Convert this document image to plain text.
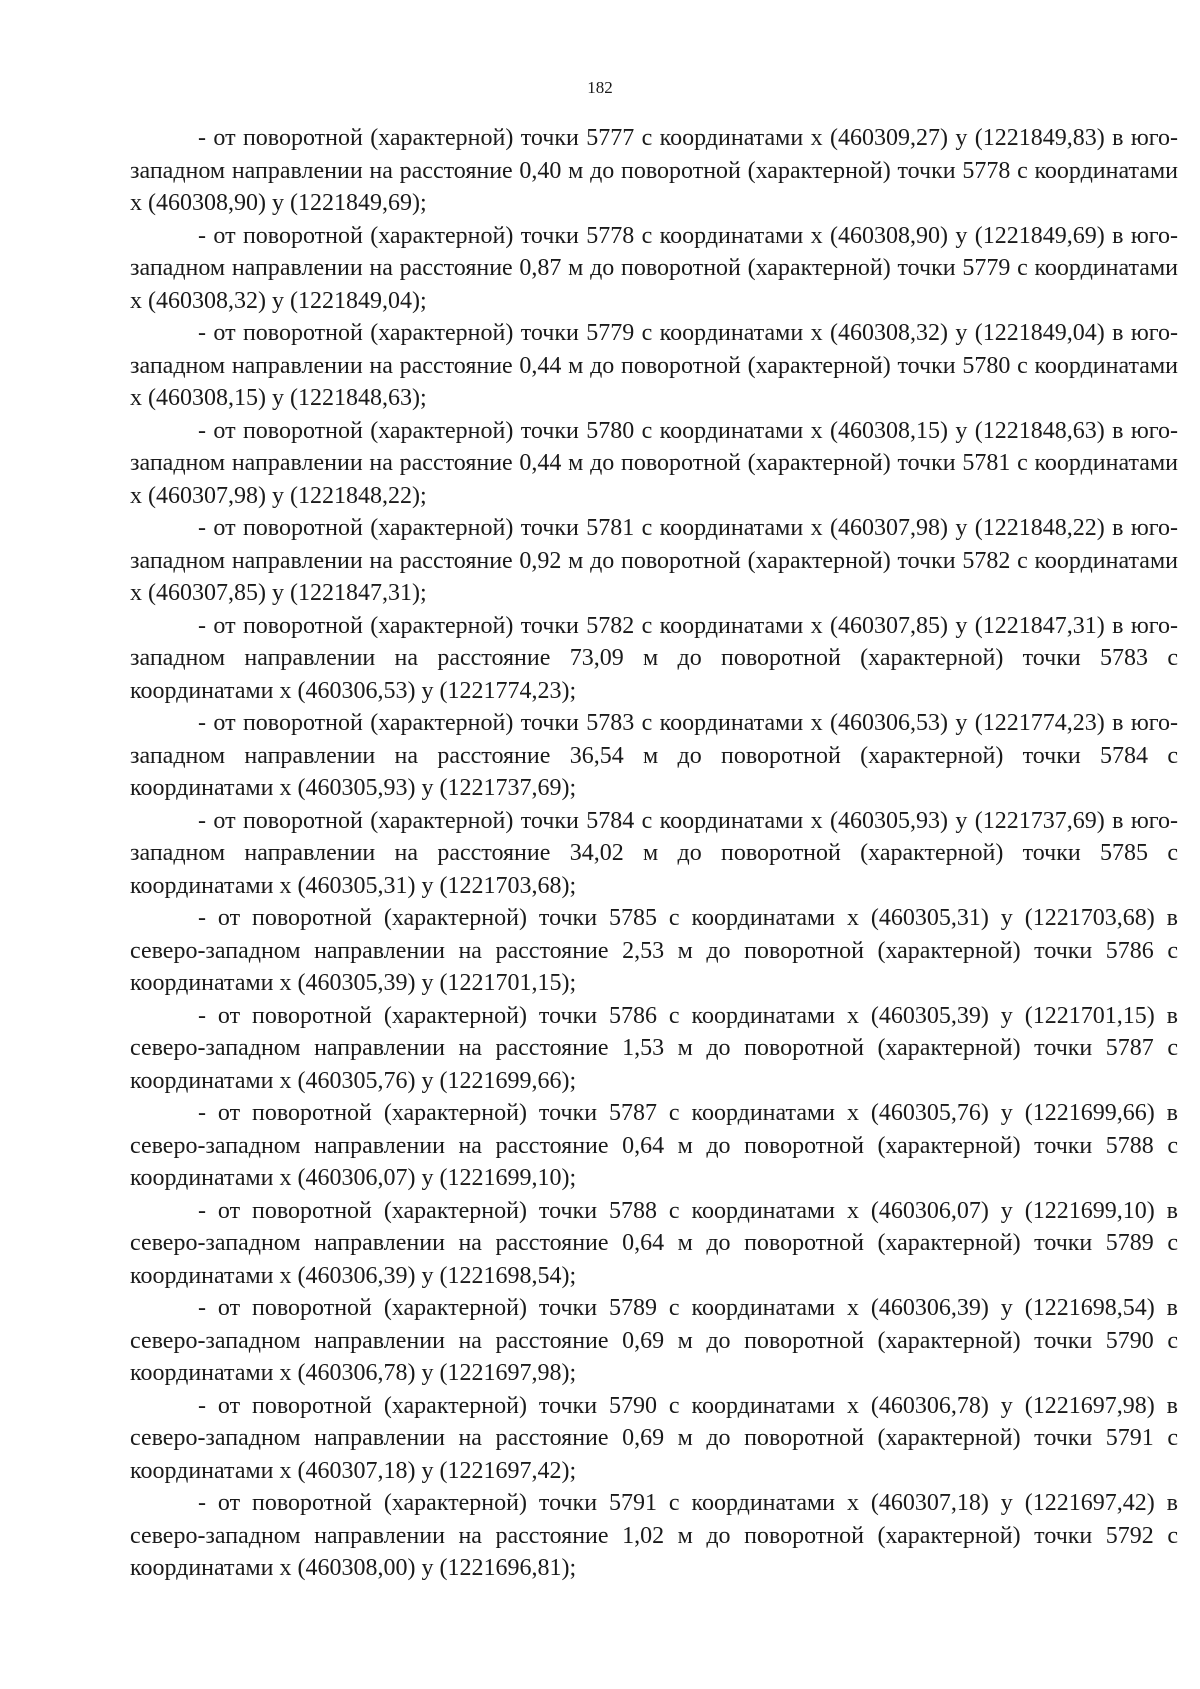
182
- от поворотной (характерной) точки 5777 с координатами x (460309,27) y (1221849,83) в юго-западном направлении на расстояние 0,40 м до поворотной (характерной) точки 5778 с координатами x (460308,90) y (1221849,69);
- от поворотной (характерной) точки 5778 с координатами x (460308,90) y (1221849,69) в юго-западном направлении на расстояние 0,87 м до поворотной (характерной) точки 5779 с координатами x (460308,32) y (1221849,04);
- от поворотной (характерной) точки 5779 с координатами x (460308,32) y (1221849,04) в юго-западном направлении на расстояние 0,44 м до поворотной (характерной) точки 5780 с координатами x (460308,15) y (1221848,63);
- от поворотной (характерной) точки 5780 с координатами x (460308,15) y (1221848,63) в юго-западном направлении на расстояние 0,44 м до поворотной (характерной) точки 5781 с координатами x (460307,98) y (1221848,22);
- от поворотной (характерной) точки 5781 с координатами x (460307,98) y (1221848,22) в юго-западном направлении на расстояние 0,92 м до поворотной (характерной) точки 5782 с координатами x (460307,85) y (1221847,31);
- от поворотной (характерной) точки 5782 с координатами x (460307,85) y (1221847,31) в юго-западном направлении на расстояние 73,09 м до поворотной (характерной) точки 5783 с координатами x (460306,53) y (1221774,23);
- от поворотной (характерной) точки 5783 с координатами x (460306,53) y (1221774,23) в юго-западном направлении на расстояние 36,54 м до поворотной (характерной) точки 5784 с координатами x (460305,93) y (1221737,69);
- от поворотной (характерной) точки 5784 с координатами x (460305,93) y (1221737,69) в юго-западном направлении на расстояние 34,02 м до поворотной (характерной) точки 5785 с координатами x (460305,31) y (1221703,68);
- от поворотной (характерной) точки 5785 с координатами x (460305,31) y (1221703,68) в северо-западном направлении на расстояние 2,53 м до поворотной (характерной) точки 5786 с координатами x (460305,39) y (1221701,15);
- от поворотной (характерной) точки 5786 с координатами x (460305,39) y (1221701,15) в северо-западном направлении на расстояние 1,53 м до поворотной (характерной) точки 5787 с координатами x (460305,76) y (1221699,66);
- от поворотной (характерной) точки 5787 с координатами x (460305,76) y (1221699,66) в северо-западном направлении на расстояние 0,64 м до поворотной (характерной) точки 5788 с координатами x (460306,07) y (1221699,10);
- от поворотной (характерной) точки 5788 с координатами x (460306,07) y (1221699,10) в северо-западном направлении на расстояние 0,64 м до поворотной (характерной) точки 5789 с координатами x (460306,39) y (1221698,54);
- от поворотной (характерной) точки 5789 с координатами x (460306,39) y (1221698,54) в северо-западном направлении на расстояние 0,69 м до поворотной (характерной) точки 5790 с координатами x (460306,78) y (1221697,98);
- от поворотной (характерной) точки 5790 с координатами x (460306,78) y (1221697,98) в северо-западном направлении на расстояние 0,69 м до поворотной (характерной) точки 5791 с координатами x (460307,18) y (1221697,42);
- от поворотной (характерной) точки 5791 с координатами x (460307,18) y (1221697,42) в северо-западном направлении на расстояние 1,02 м до поворотной (характерной) точки 5792 с координатами x (460308,00) y (1221696,81);
